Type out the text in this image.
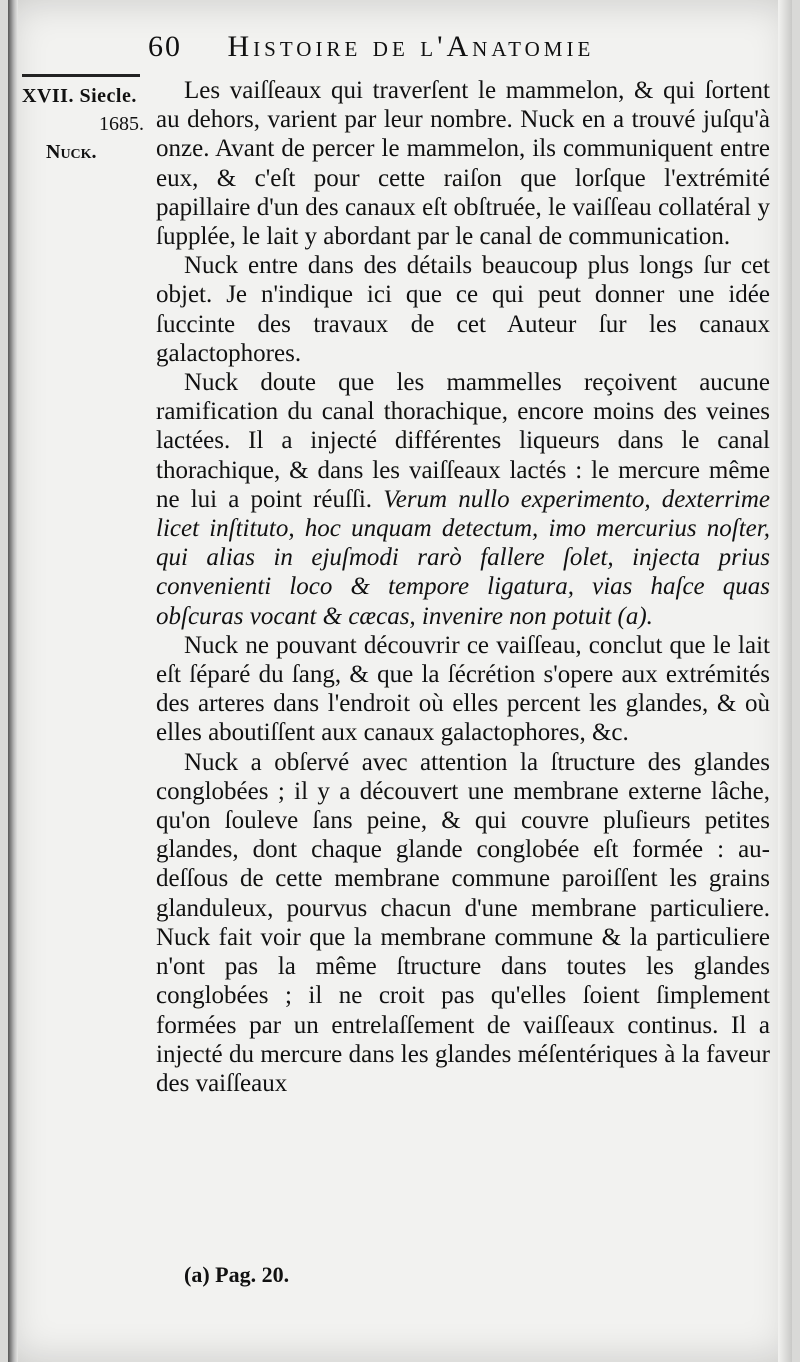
60 Histoire de l'Anatomie
XVII. Siecle.
1685.
Nuck.

Les vaiſſeaux qui traverſent le mammelon, & qui ſortent au dehors, varient par leur nombre. Nuck en a trouvé juſqu'à onze. Avant de percer le mammelon, ils communiquent entre eux, & c'eſt pour cette raiſon que lorſque l'extrémité papillaire d'un des canaux eſt obſtruée, le vaiſſeau collatéral y ſupplée, le lait y abordant par le canal de communication.

Nuck entre dans des détails beaucoup plus longs ſur cet objet. Je n'indique ici que ce qui peut donner une idée ſuccinte des travaux de cet Auteur ſur les canaux galactophores.

Nuck doute que les mammelles reçoivent aucune ramification du canal thorachique, encore moins des veines lactées. Il a injecté différentes liqueurs dans le canal thorachique, & dans les vaiſſeaux lactés : le mercure même ne lui a point réuſſi. Verum nullo experimento, dexterrime licet inſtituto, hoc unquam detectum, imo mercurius noſter, qui alias in ejuſmodi rarò fallere ſolet, injecta prius convenienti loco & tempore ligatura, vias haſce quas obſcuras vocant & cæcas, invenire non potuit (a).

Nuck ne pouvant découvrir ce vaiſſeau, conclut que le lait eſt ſéparé du ſang, & que la ſécrétion s'opere aux extrémités des arteres dans l'endroit où elles percent les glandes, & où elles aboutiſſent aux canaux galactophores, &c.

Nuck a obſervé avec attention la ſtructure des glandes conglobées ; il y a découvert une membrane externe lâche, qu'on ſouleve ſans peine, & qui couvre pluſieurs petites glandes, dont chaque glande conglobée eſt formée : au-deſſous de cette membrane commune paroiſſent les grains glanduleux, pourvus chacun d'une membrane particuliere. Nuck fait voir que la membrane commune & la particuliere n'ont pas la même ſtructure dans toutes les glandes conglobées ; il ne croit pas qu'elles ſoient ſimplement formées par un entrelaſſement de vaiſſeaux continus. Il a injecté du mercure dans les glandes méſentériques à la faveur des vaiſſeaux

(a) Pag. 20.
